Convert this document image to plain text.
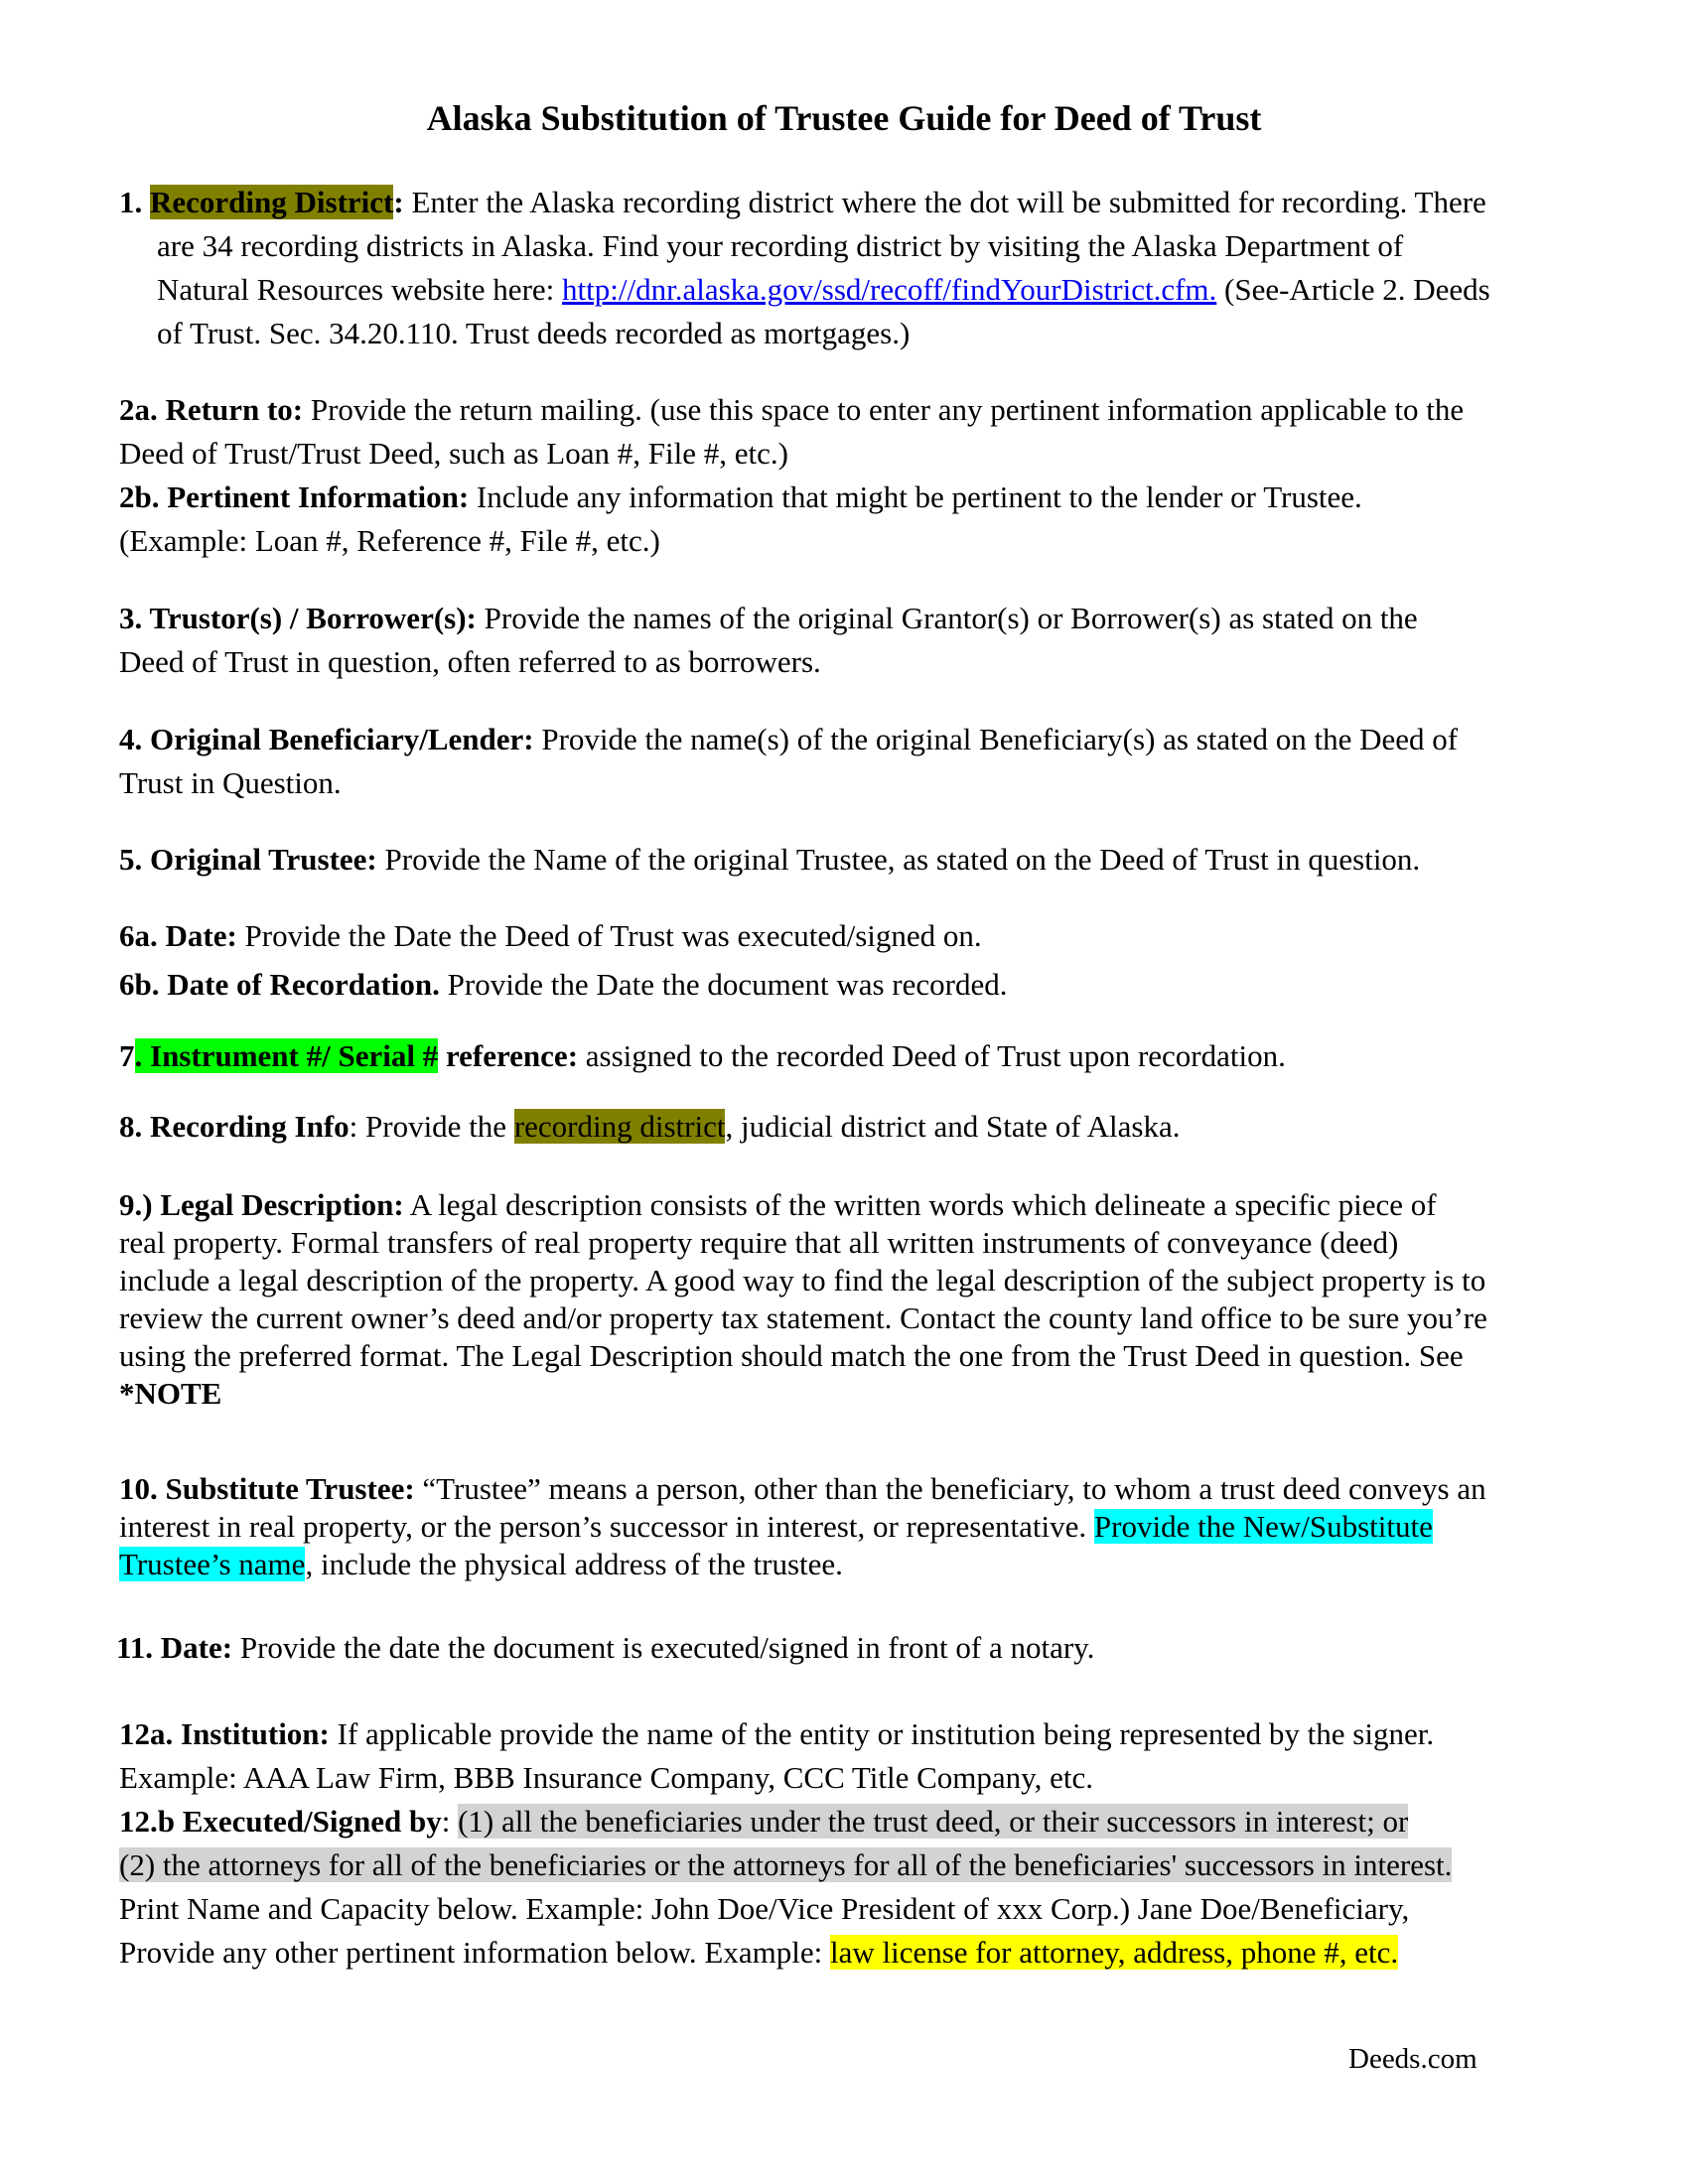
Alaska Substitution of Trustee Guide for Deed of Trust
1. Recording District: Enter the Alaska recording district where the dot will be submitted for recording. There
are 34 recording districts in Alaska. Find your recording district by visiting the Alaska Department of
Natural Resources website here: http://dnr.alaska.gov/ssd/recoff/findYourDistrict.cfm. (See-Article 2. Deeds
of Trust. Sec. 34.20.110. Trust deeds recorded as mortgages.)
2a. Return to: Provide the return mailing. (use this space to enter any pertinent information applicable to the
Deed of Trust/Trust Deed, such as Loan #, File #, etc.)
2b. Pertinent Information: Include any information that might be pertinent to the lender or Trustee.
(Example: Loan #, Reference #, File #, etc.)
3. Trustor(s) / Borrower(s): Provide the names of the original Grantor(s) or Borrower(s) as stated on the
Deed of Trust in question, often referred to as borrowers.
4. Original Beneficiary/Lender: Provide the name(s) of the original Beneficiary(s) as stated on the Deed of
Trust in Question.
5. Original Trustee: Provide the Name of the original Trustee, as stated on the Deed of Trust in question.
6a. Date: Provide the Date the Deed of Trust was executed/signed on.
6b. Date of Recordation. Provide the Date the document was recorded.
7. Instrument #/ Serial # reference: assigned to the recorded Deed of Trust upon recordation.
8. Recording Info: Provide the recording district, judicial district and State of Alaska.
9.) Legal Description: A legal description consists of the written words which delineate a specific piece of
real property. Formal transfers of real property require that all written instruments of conveyance (deed)
include a legal description of the property. A good way to find the legal description of the subject property is to
review the current owner’s deed and/or property tax statement. Contact the county land office to be sure you’re
using the preferred format. The Legal Description should match the one from the Trust Deed in question. See
*NOTE
10. Substitute Trustee: “Trustee” means a person, other than the beneficiary, to whom a trust deed conveys an
interest in real property, or the person’s successor in interest, or representative. Provide the New/Substitute
Trustee’s name, include the physical address of the trustee.
11. Date: Provide the date the document is executed/signed in front of a notary.
12a. Institution: If applicable provide the name of the entity or institution being represented by the signer.
Example: AAA Law Firm, BBB Insurance Company, CCC Title Company, etc.
12.b Executed/Signed by: (1) all the beneficiaries under the trust deed, or their successors in interest; or
(2) the attorneys for all of the beneficiaries or the attorneys for all of the beneficiaries' successors in interest.
Print Name and Capacity below. Example: John Doe/Vice President of xxx Corp.) Jane Doe/Beneficiary,
Provide any other pertinent information below. Example: law license for attorney, address, phone #, etc.
Deeds.com
